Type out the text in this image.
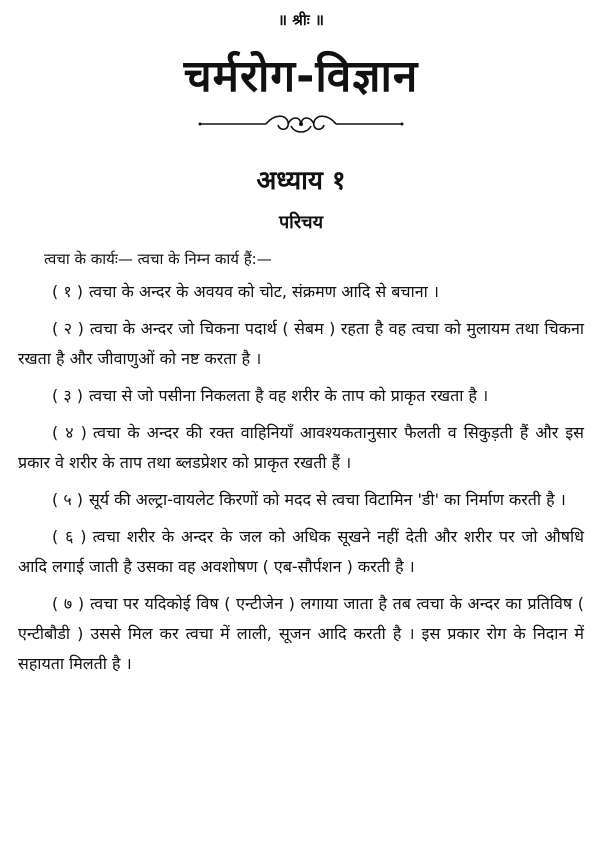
॥ श्रीः ॥
चर्मरोग-विज्ञान
अध्याय १
परिचय
त्वचा के कार्यः— त्वचा के निम्न कार्य हैं:—

( १ ) त्वचा के अन्दर के अवयव को चोट, संक्रमण आदि से बचाना ।

( २ ) त्वचा के अन्दर जो चिकना पदार्थ ( सेबम ) रहता है वह त्वचा को मुलायम तथा चिकना रखता है और जीवाणुओं को नष्ट करता है ।

( ३ ) त्वचा से जो पसीना निकलता है वह शरीर के ताप को प्राकृत रखता है ।

( ४ ) त्वचा के अन्दर की रक्त वाहिनियाँ आवश्यकतानुसार फैलती व सिकुड़ती हैं और इस प्रकार वे शरीर के ताप तथा ब्लडप्रेशर को प्राकृत रखती हैं ।

( ५ ) सूर्य की अल्ट्रा-वायलेट किरणों को मदद से त्वचा विटामिन 'डी' का निर्माण करती है ।

( ६ ) त्वचा शरीर के अन्दर के जल को अधिक सूखने नहीं देती और शरीर पर जो औषधि आदि लगाई जाती है उसका वह अवशोषण ( एब-सौर्पशन ) करती है ।

( ७ ) त्वचा पर यदिकोई विष ( एन्टीजेन ) लगाया जाता है तब त्वचा के अन्दर का प्रतिविष ( एन्टीबौडी ) उससे मिल कर त्वचा में लाली, सूजन आदि करती है । इस प्रकार रोग के निदान में सहायता मिलती है ।
